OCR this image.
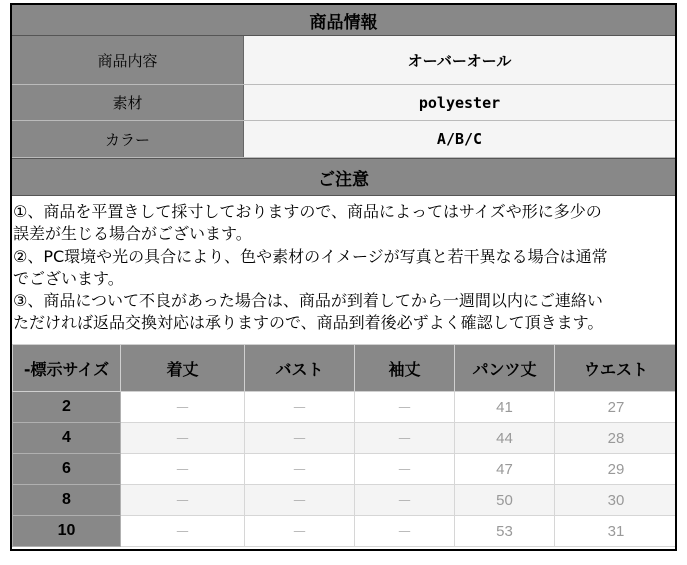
商品情報
商品内容	オーバーオール
素材	polyester
カラー	A/B/C
ご注意
①、商品を平置きして採寸しておりますので、商品によってはサイズや形に多少の
誤差が生じる場合がございます。
②、PC環境や光の具合により、色や素材のイメージが写真と若干異なる場合は通常
でございます。
③、商品について不良があった場合は、商品が到着してから一週間以内にご連絡い
ただければ返品交換対応は承りますので、商品到着後必ずよく確認して頂きます。
-標示サイズ	着丈	バスト	袖丈	パンツ丈	ウエスト
2	－	－	－	41	27
4	－	－	－	44	28
6	－	－	－	47	29
8	－	－	－	50	30
10	－	－	－	53	31
